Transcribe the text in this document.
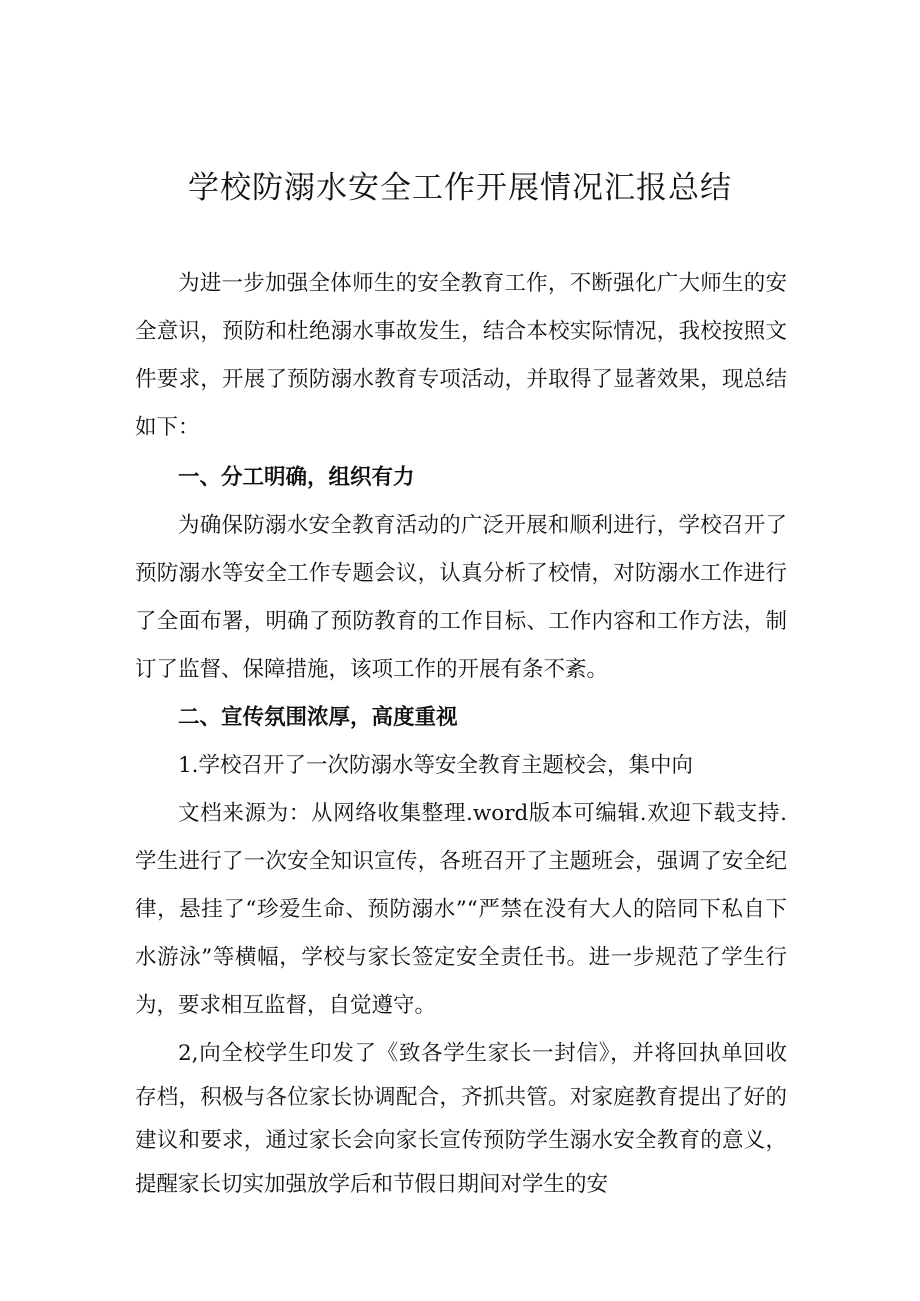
学校防溺水安全工作开展情况汇报总结

为进一步加强全体师生的安全教育工作，不断强化广大师生的安全意识，预防和杜绝溺水事故发生，结合本校实际情况，我校按照文件要求，开展了预防溺水教育专项活动，并取得了显著效果，现总结如下：

一、分工明确，组织有力

为确保防溺水安全教育活动的广泛开展和顺利进行，学校召开了预防溺水等安全工作专题会议，认真分析了校情，对防溺水工作进行了全面布署，明确了预防教育的工作目标、工作内容和工作方法，制订了监督、保障措施，该项工作的开展有条不紊。

二、宣传氛围浓厚，高度重视

1.学校召开了一次防溺水等安全教育主题校会，集中向

文档来源为：从网络收集整理.word版本可编辑.欢迎下载支持.学生进行了一次安全知识宣传，各班召开了主题班会，强调了安全纪律，悬挂了“珍爱生命、预防溺水”“严禁在没有大人的陪同下私自下水游泳”等横幅，学校与家长签定安全责任书。进一步规范了学生行为，要求相互监督，自觉遵守。

2,向全校学生印发了《致各学生家长一封信》，并将回执单回收存档，积极与各位家长协调配合，齐抓共管。对家庭教育提出了好的建议和要求，通过家长会向家长宣传预防学生溺水安全教育的意义，提醒家长切实加强放学后和节假日期间对学生的安
